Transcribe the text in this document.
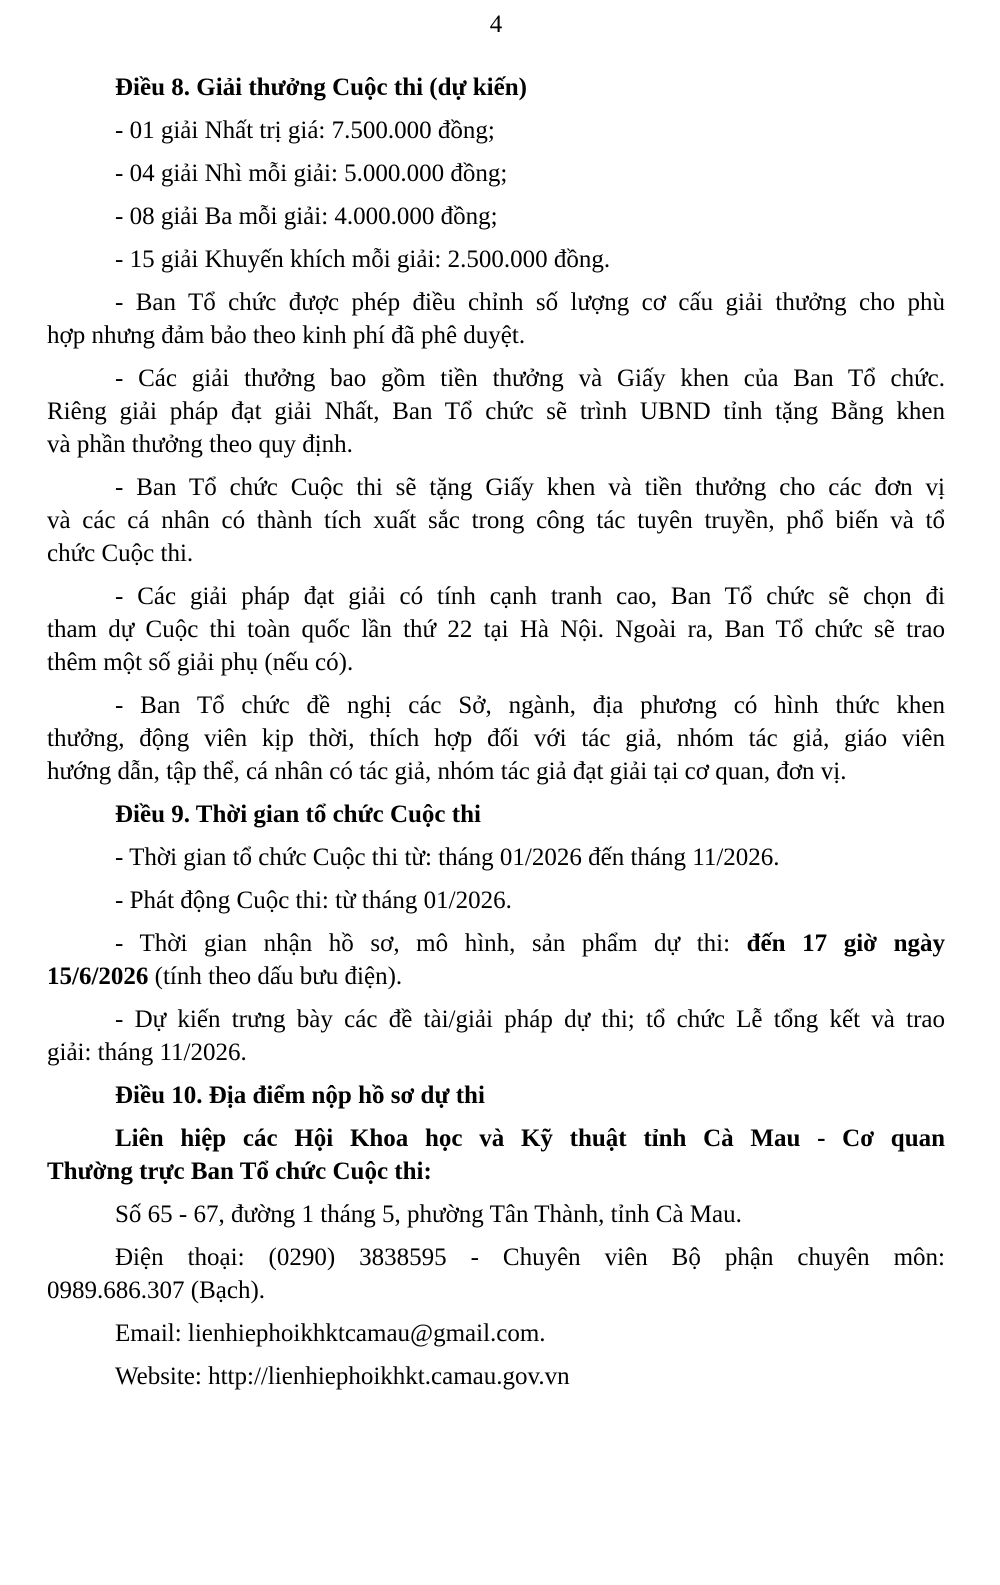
4
Điều 8. Giải thưởng Cuộc thi (dự kiến)
- 01 giải Nhất trị giá: 7.500.000 đồng;
- 04 giải Nhì mỗi giải: 5.000.000 đồng;
- 08 giải Ba mỗi giải: 4.000.000 đồng;
- 15 giải Khuyến khích mỗi giải: 2.500.000 đồng.
- Ban Tổ chức được phép điều chỉnh số lượng cơ cấu giải thưởng cho phù
hợp nhưng đảm bảo theo kinh phí đã phê duyệt.
- Các giải thưởng bao gồm tiền thưởng và Giấy khen của Ban Tổ chức.
Riêng giải pháp đạt giải Nhất, Ban Tổ chức sẽ trình UBND tỉnh tặng Bằng khen
và phần thưởng theo quy định.
- Ban Tổ chức Cuộc thi sẽ tặng Giấy khen và tiền thưởng cho các đơn vị
và các cá nhân có thành tích xuất sắc trong công tác tuyên truyền, phổ biến và tổ
chức Cuộc thi.
- Các giải pháp đạt giải có tính cạnh tranh cao, Ban Tổ chức sẽ chọn đi
tham dự Cuộc thi toàn quốc lần thứ 22 tại Hà Nội. Ngoài ra, Ban Tổ chức sẽ trao
thêm một số giải phụ (nếu có).
- Ban Tổ chức đề nghị các Sở, ngành, địa phương có hình thức khen
thưởng, động viên kịp thời, thích hợp đối với tác giả, nhóm tác giả, giáo viên
hướng dẫn, tập thể, cá nhân có tác giả, nhóm tác giả đạt giải tại cơ quan, đơn vị.
Điều 9. Thời gian tổ chức Cuộc thi
- Thời gian tổ chức Cuộc thi từ: tháng 01/2026 đến tháng 11/2026.
- Phát động Cuộc thi: từ tháng 01/2026.
- Thời gian nhận hồ sơ, mô hình, sản phẩm dự thi: đến 17 giờ ngày
15/6/2026 (tính theo dấu bưu điện).
- Dự kiến trưng bày các đề tài/giải pháp dự thi; tổ chức Lễ tổng kết và trao
giải: tháng 11/2026.
Điều 10. Địa điểm nộp hồ sơ dự thi
Liên hiệp các Hội Khoa học và Kỹ thuật tỉnh Cà Mau - Cơ quan
Thường trực Ban Tổ chức Cuộc thi:
Số 65 - 67, đường 1 tháng 5, phường Tân Thành, tỉnh Cà Mau.
Điện thoại: (0290) 3838595 - Chuyên viên Bộ phận chuyên môn:
0989.686.307 (Bạch).
Email: lienhiephoikhktcamau@gmail.com.
Website: http://lienhiephoikhkt.camau.gov.vn
